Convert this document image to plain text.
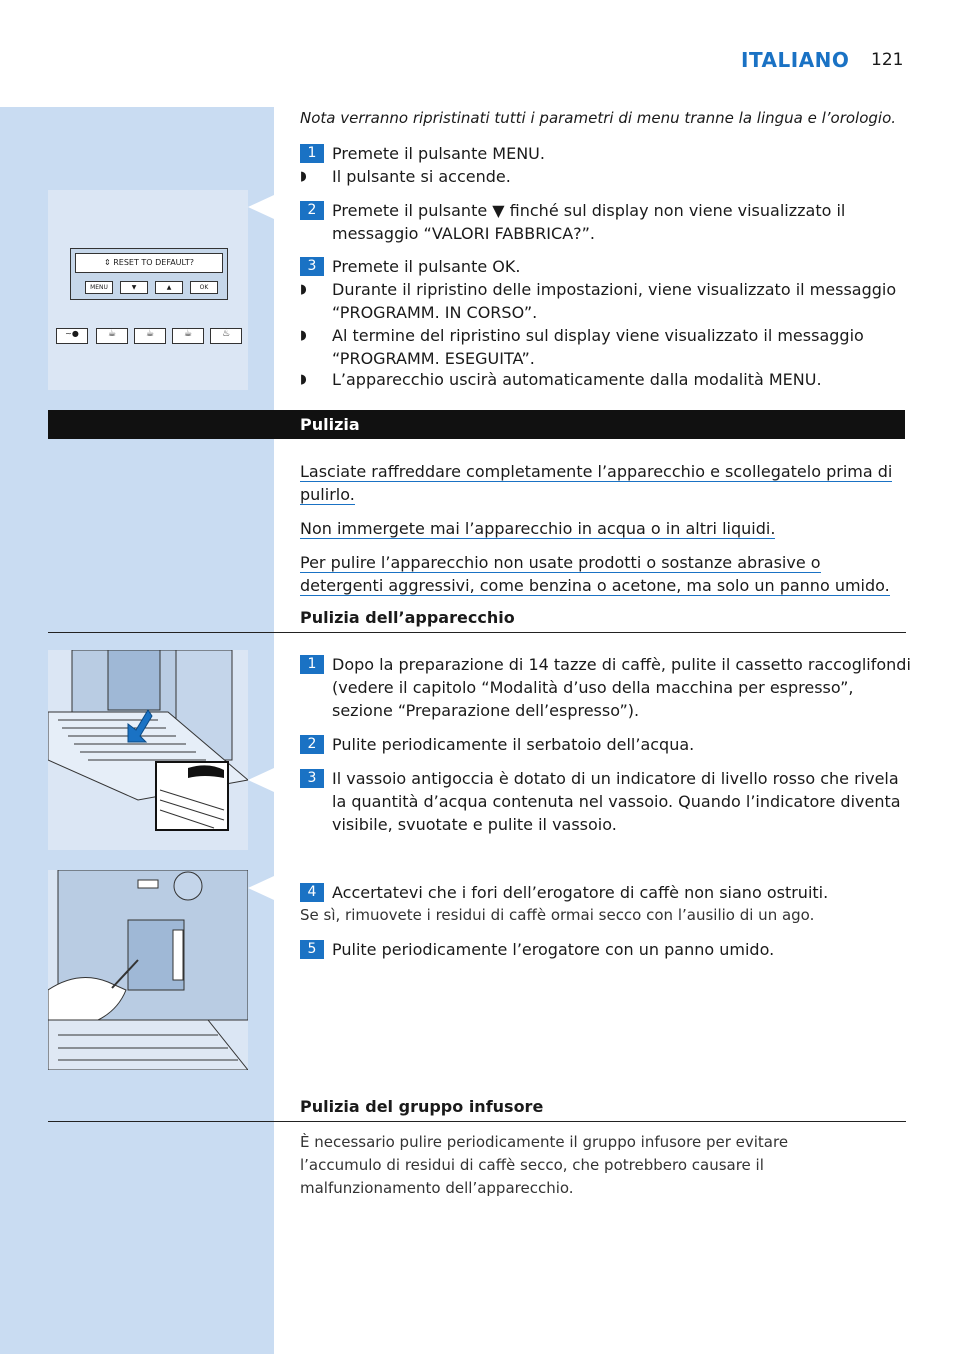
ITALIANO 121
Nota verranno ripristinati tutti i parametri di menu tranne la lingua e l’orologio.
⇕ RESET TO DEFAULT?
MENU	▼	▲	OK
~●	☕	☕	☕	♨
1 Premete il pulsante MENU.
◗ Il pulsante si accende.
2 Premete il pulsante ▼ finché sul display non viene visualizzato il messaggio “VALORI FABBRICA?”.
3 Premete il pulsante OK.
◗ Durante il ripristino delle impostazioni, viene visualizzato il messaggio “PROGRAMM. IN CORSO”.
◗ Al termine del ripristino sul display viene visualizzato il messaggio “PROGRAMM. ESEGUITA”.
◗ L’apparecchio uscirà automaticamente dalla modalità MENU.
Pulizia
Lasciate raffreddare completamente l’apparecchio e scollegatelo prima di pulirlo.
Non immergete mai l’apparecchio in acqua o in altri liquidi.
Per pulire l’apparecchio non usate prodotti o sostanze abrasive o detergenti aggressivi, come benzina o acetone, ma solo un panno umido.
Pulizia dell’apparecchio
1 Dopo la preparazione di 14 tazze di caffè, pulite il cassetto raccoglifondi (vedere il capitolo “Modalità d’uso della macchina per espresso”, sezione “Preparazione dell’espresso”).
2 Pulite periodicamente il serbatoio dell’acqua.
3 Il vassoio antigoccia è dotato di un indicatore di livello rosso che rivela la quantità d’acqua contenuta nel vassoio. Quando l’indicatore diventa visibile, svuotate e pulite il vassoio.
4 Accertatevi che i fori dell’erogatore di caffè non siano ostruiti.
Se sì, rimuovete i residui di caffè ormai secco con l’ausilio di un ago.
5 Pulite periodicamente l’erogatore con un panno umido.
Pulizia del gruppo infusore
È necessario pulire periodicamente il gruppo infusore per evitare l’accumulo di residui di caffè secco, che potrebbero causare il malfunzionamento dell’apparecchio.
